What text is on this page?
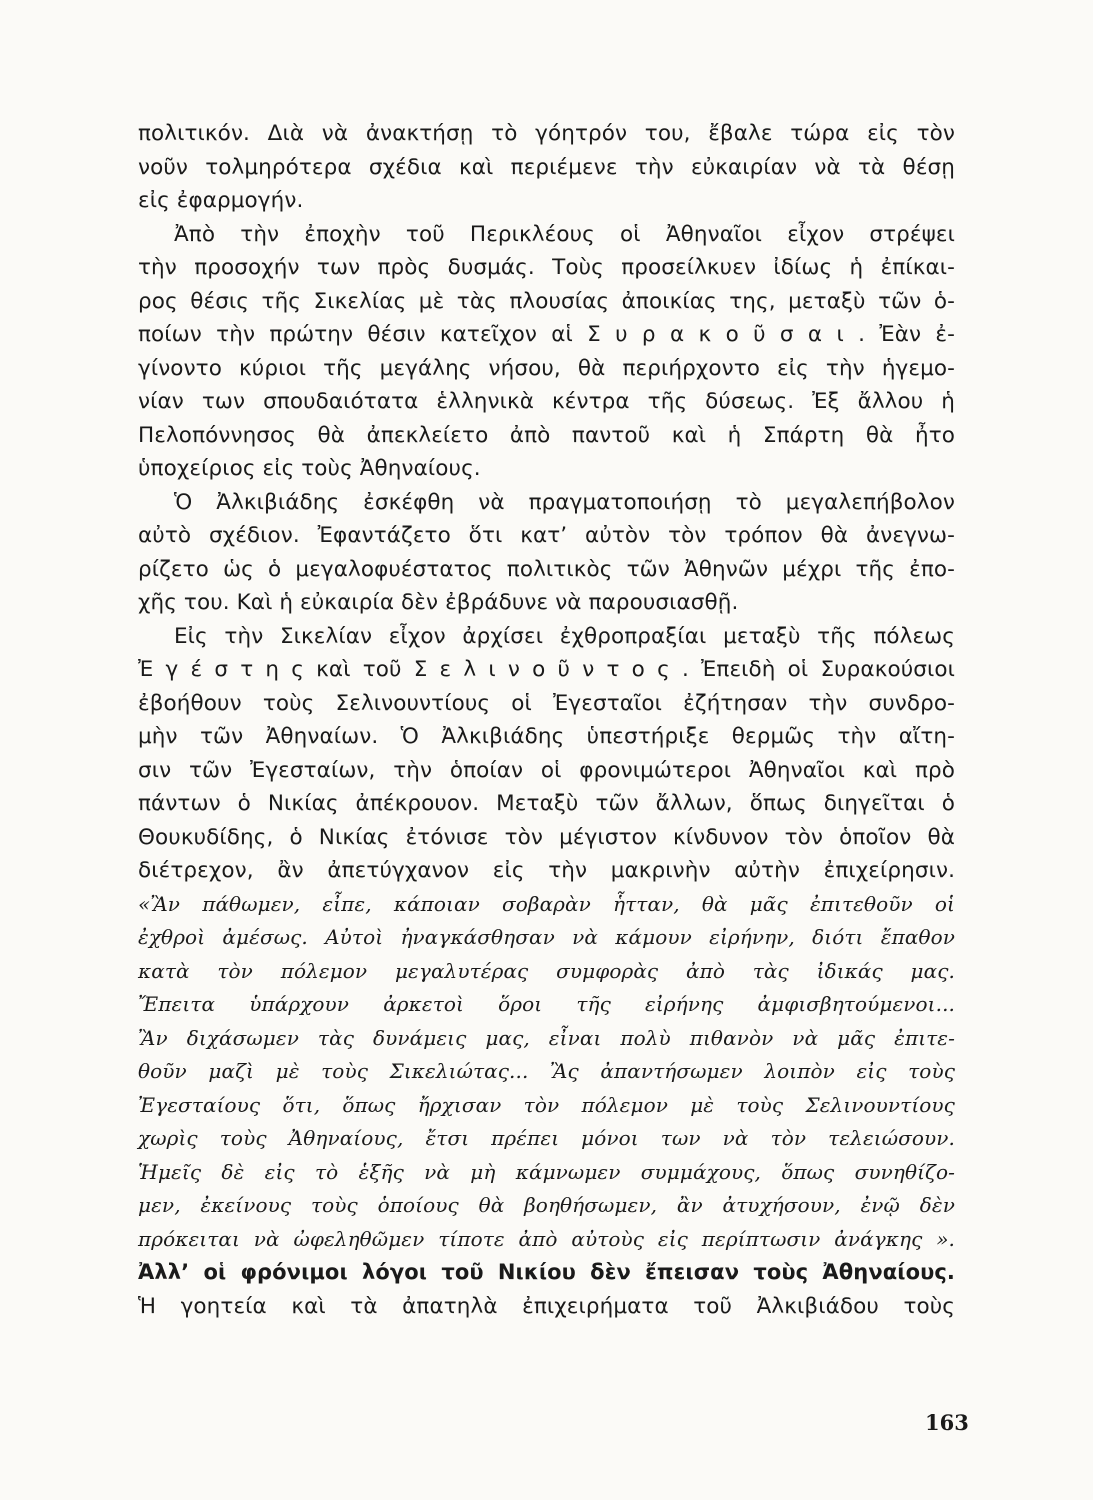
πολιτικόν. Διὰ νὰ ἀνακτήσῃ τὸ γόητρόν του, ἔβαλε τώρα εἰς τὸν
νοῦν τολμηρότερα σχέδια καὶ περιέμενε τὴν εὐκαιρίαν νὰ τὰ θέσῃ
εἰς ἐφαρμογήν.
Ἀπὸ τὴν ἐποχὴν τοῦ Περικλέους οἱ Ἀθηναῖοι εἶχον στρέψει
τὴν προσοχήν των πρὸς δυσμάς. Τοὺς προσείλκυεν ἰδίως ἡ ἐπίκαι-
ρος θέσις τῆς Σικελίας μὲ τὰς πλουσίας ἀποικίας της, μεταξὺ τῶν ὁ-
ποίων τὴν πρώτην θέσιν κατεῖχον αἱ Σ υ ρ α κ ο ῦ σ α ι . Ἐὰν ἐ-
γίνοντο κύριοι τῆς μεγάλης νήσου, θὰ περιήρχοντο εἰς τὴν ἡγεμο-
νίαν των σπουδαιότατα ἑλληνικὰ κέντρα τῆς δύσεως. Ἐξ ἄλλου ἡ
Πελοπόννησος θὰ ἀπεκλείετο ἀπὸ παντοῦ καὶ ἡ Σπάρτη θὰ ἦτο
ὑποχείριος εἰς τοὺς Ἀθηναίους.
Ὁ Ἀλκιβιάδης ἐσκέφθη νὰ πραγματοποιήσῃ τὸ μεγαλεπήβολον
αὐτὸ σχέδιον. Ἐφαντάζετο ὅτι κατ’ αὐτὸν τὸν τρόπον θὰ ἀνεγνω-
ρίζετο ὡς ὁ μεγαλοφυέστατος πολιτικὸς τῶν Ἀθηνῶν μέχρι τῆς ἐπο-
χῆς του. Καὶ ἡ εὐκαιρία δὲν ἐβράδυνε νὰ παρουσιασθῇ.
Εἰς τὴν Σικελίαν εἶχον ἀρχίσει ἐχθροπραξίαι μεταξὺ τῆς πόλεως
Ἐ γ έ σ τ η ς καὶ τοῦ Σ ε λ ι ν ο ῦ ν τ ο ς . Ἐπειδὴ οἱ Συρακούσιοι
ἐβοήθουν τοὺς Σελινουντίους οἱ Ἐγεσταῖοι ἐζήτησαν τὴν συνδρο-
μὴν τῶν Ἀθηναίων. Ὁ Ἀλκιβιάδης ὑπεστήριξε θερμῶς τὴν αἴτη-
σιν τῶν Ἐγεσταίων, τὴν ὁποίαν οἱ φρονιμώτεροι Ἀθηναῖοι καὶ πρὸ
πάντων ὁ Νικίας ἀπέκρουον. Μεταξὺ τῶν ἄλλων, ὅπως διηγεῖται ὁ
Θουκυδίδης, ὁ Νικίας ἐτόνισε τὸν μέγιστον κίνδυνον τὸν ὁποῖον θὰ
διέτρεχον, ἂν ἀπετύγχανον εἰς τὴν μακρινὴν αὐτὴν ἐπιχείρησιν.
«Ἂν πάθωμεν, εἶπε, κάποιαν σοβαρὰν ἧτταν, θὰ μᾶς ἐπιτεθοῦν οἱ
ἐχθροὶ ἀμέσως. Αὐτοὶ ἠναγκάσθησαν νὰ κάμουν εἰρήνην, διότι ἔπαθον
κατὰ τὸν πόλεμον μεγαλυτέρας συμφορὰς ἀπὸ τὰς ἰδικάς μας.
Ἔπειτα ὑπάρχουν ἀρκετοὶ ὅροι τῆς εἰρήνης ἀμφισβητούμενοι...
Ἂν διχάσωμεν τὰς δυνάμεις μας, εἶναι πολὺ πιθανὸν νὰ μᾶς ἐπιτε-
θοῦν μαζὶ μὲ τοὺς Σικελιώτας... Ἂς ἀπαντήσωμεν λοιπὸν εἰς τοὺς
Ἐγεσταίους ὅτι, ὅπως ἤρχισαν τὸν πόλεμον μὲ τοὺς Σελινουντίους
χωρὶς τοὺς Ἀθηναίους, ἔτσι πρέπει μόνοι των νὰ τὸν τελειώσουν.
Ἡμεῖς δὲ εἰς τὸ ἑξῆς νὰ μὴ κάμνωμεν συμμάχους, ὅπως συνηθίζο-
μεν, ἐκείνους τοὺς ὁποίους θὰ βοηθήσωμεν, ἂν ἀτυχήσουν, ἐνῷ δὲν
πρόκειται νὰ ὠφεληθῶμεν τίποτε ἀπὸ αὐτοὺς εἰς περίπτωσιν ἀνάγκης ».
Ἀλλ’ οἱ φρόνιμοι λόγοι τοῦ Νικίου δὲν ἔπεισαν τοὺς Ἀθηναίους.
Ἡ γοητεία καὶ τὰ ἀπατηλὰ ἐπιχειρήματα τοῦ Ἀλκιβιάδου τοὺς
163
